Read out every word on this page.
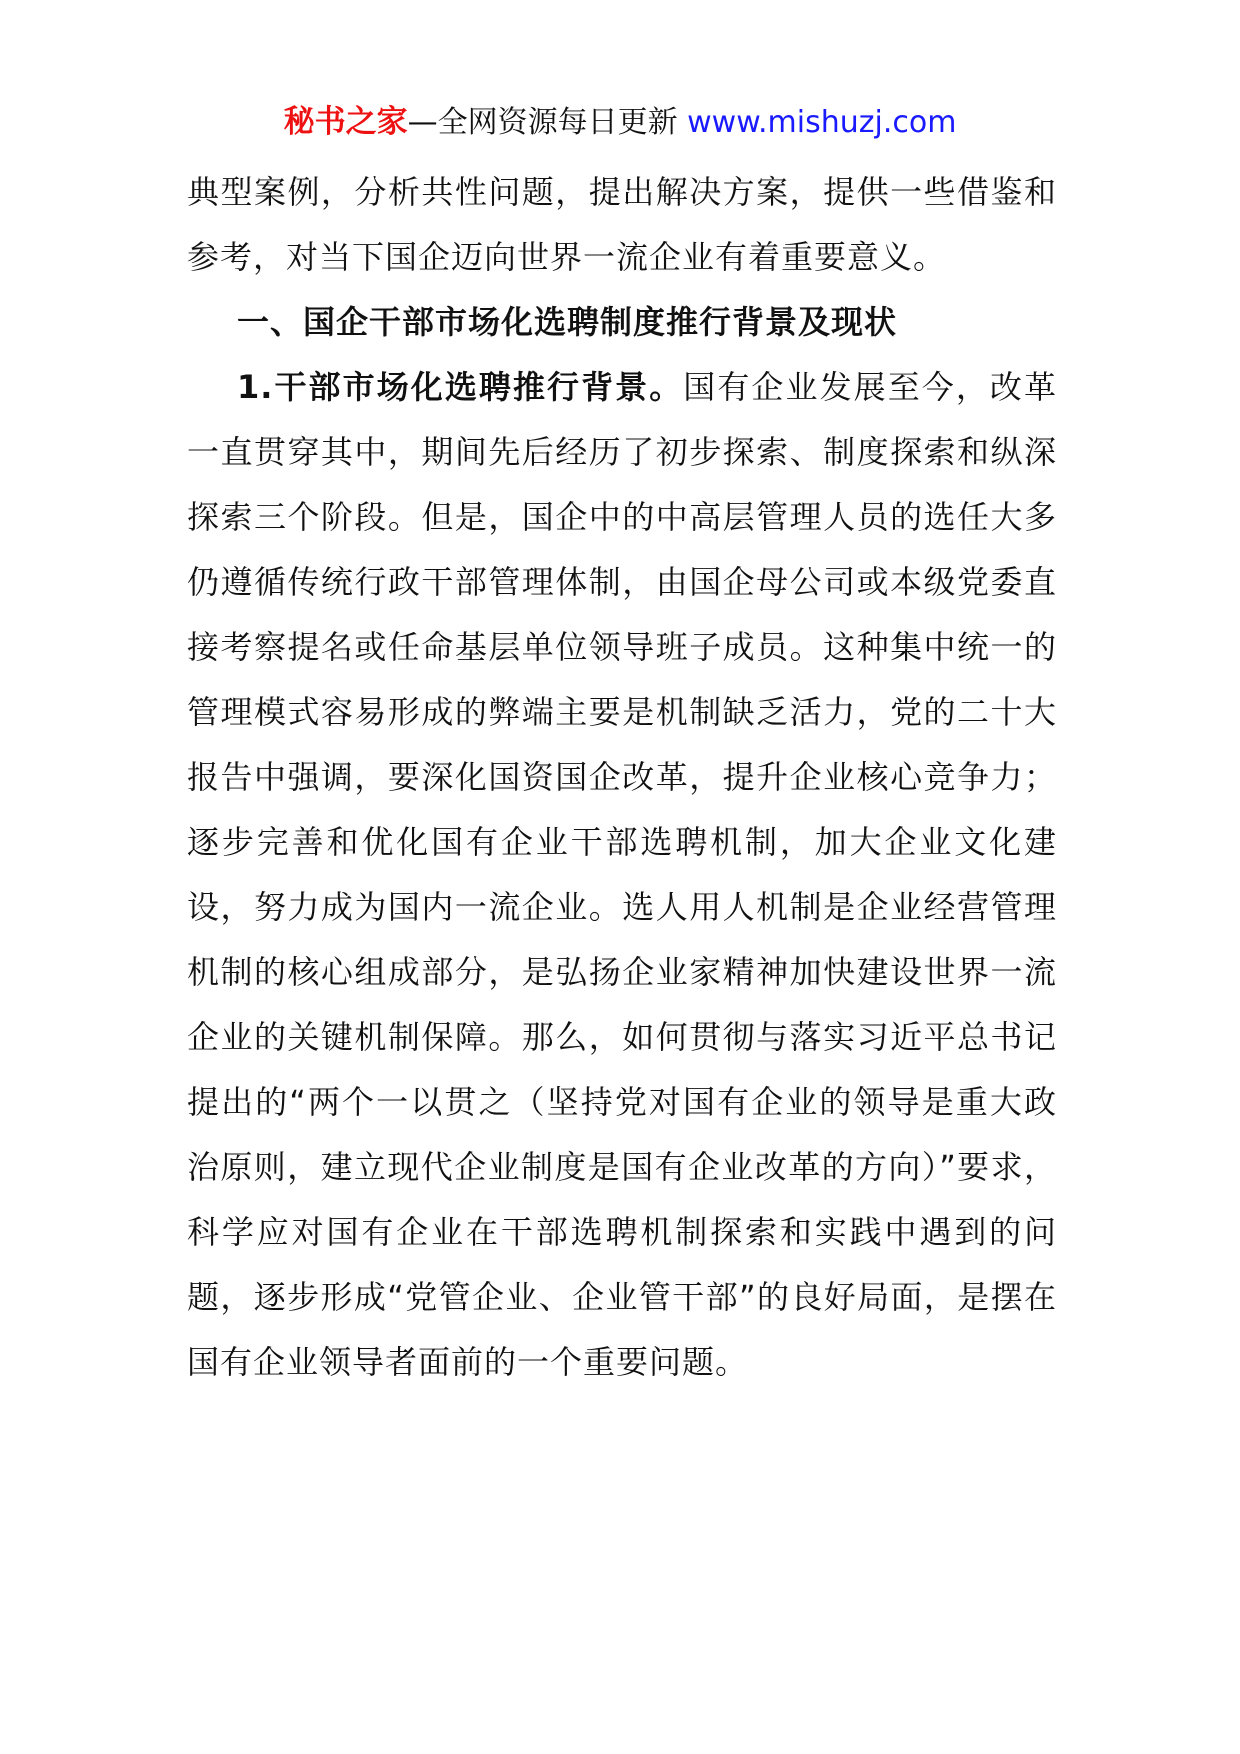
秘书之家—全网资源每日更新 www.mishuzj.com

典型案例，分析共性问题，提出解决方案，提供一些借鉴和参考，对当下国企迈向世界一流企业有着重要意义。

一、国企干部市场化选聘制度推行背景及现状

1.干部市场化选聘推行背景。国有企业发展至今，改革一直贯穿其中，期间先后经历了初步探索、制度探索和纵深探索三个阶段。但是，国企中的中高层管理人员的选任大多仍遵循传统行政干部管理体制，由国企母公司或本级党委直接考察提名或任命基层单位领导班子成员。这种集中统一的管理模式容易形成的弊端主要是机制缺乏活力，党的二十大报告中强调，要深化国资国企改革，提升企业核心竞争力；逐步完善和优化国有企业干部选聘机制，加大企业文化建设，努力成为国内一流企业。选人用人机制是企业经营管理机制的核心组成部分，是弘扬企业家精神加快建设世界一流企业的关键机制保障。那么，如何贯彻与落实习近平总书记提出的“两个一以贯之（坚持党对国有企业的领导是重大政治原则，建立现代企业制度是国有企业改革的方向）”要求，科学应对国有企业在干部选聘机制探索和实践中遇到的问题，逐步形成“党管企业、企业管干部”的良好局面，是摆在国有企业领导者面前的一个重要问题。
